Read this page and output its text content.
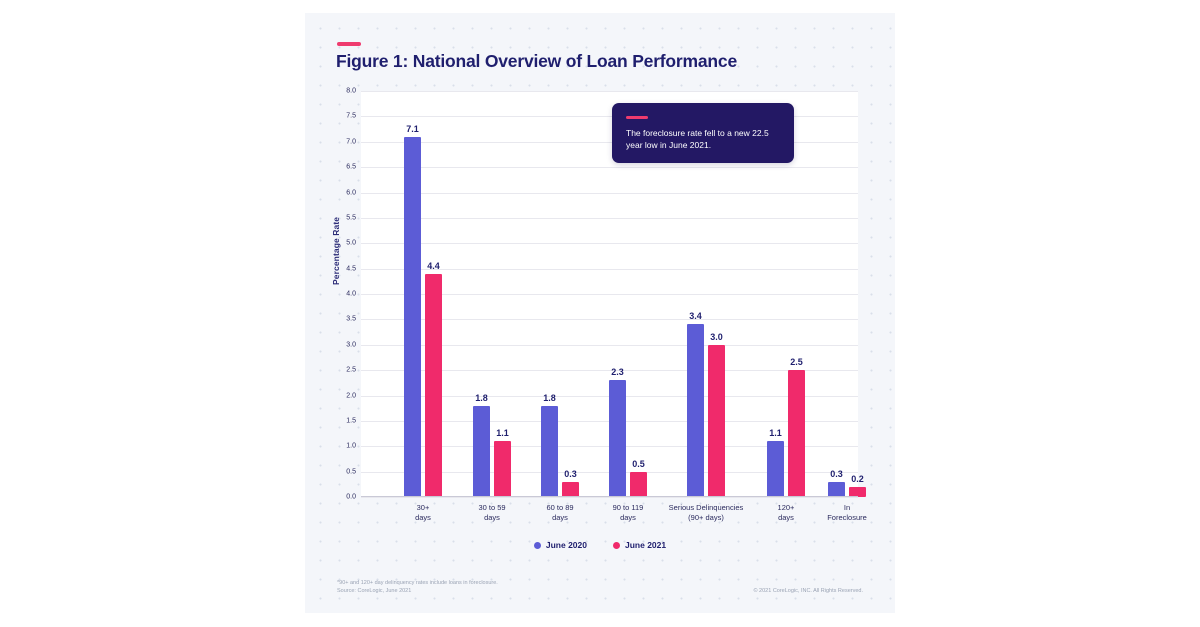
Figure 1: National Overview of Loan Performance
Percentage Rate
0.0
0.5
1.0
1.5
2.0
2.5
3.0
3.5
4.0
4.5
5.0
5.5
6.0
6.5
7.0
7.5
8.0
7.1
4.4
1.8
1.1
1.8
0.3
2.3
0.5
3.4
3.0
1.1
2.5
0.3
0.2
30+
days
30 to 59
days
60 to 89
days
90 to 119
days
Serious Delinquencies
(90+ days)
120+
days
In
Foreclosure
The foreclosure rate fell to a new 22.5 year low in June 2021.
June 2020	June 2021
*90+ and 120+ day delinquency rates include loans in foreclosure.
Source: CoreLogic, June 2021	© 2021 CoreLogic, INC. All Rights Reserved.
